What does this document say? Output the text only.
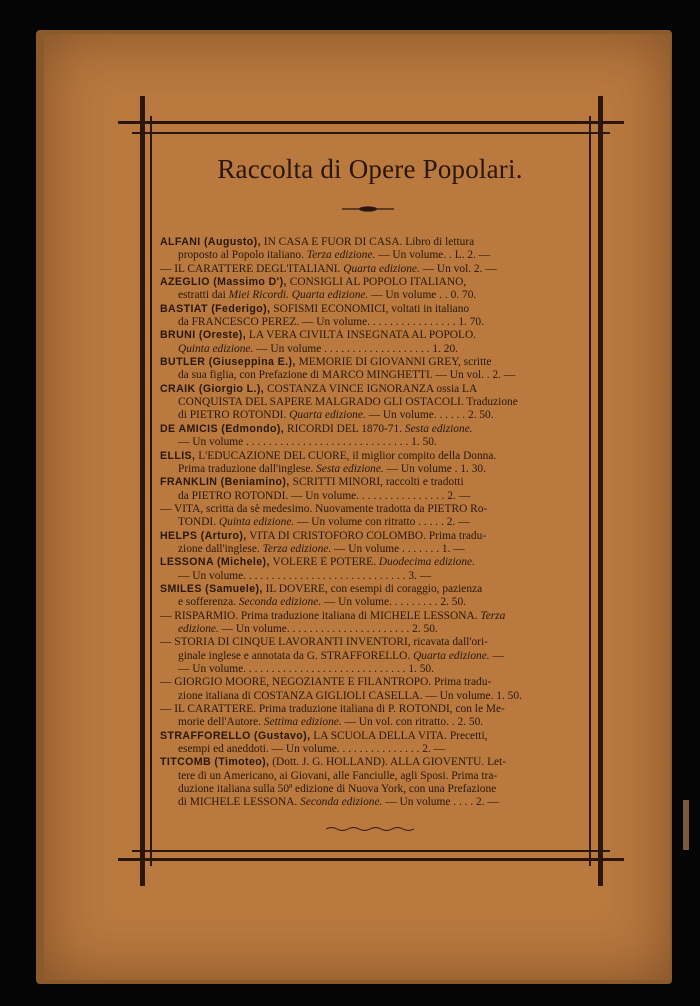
Raccolta di Opere Popolari.
ALFANI (Augusto), IN CASA E FUOR DI CASA. Libro di lettura
proposto al Popolo italiano. Terza edizione. — Un volume. . L. 2. —
— IL CARATTERE DEGL'ITALIANI. Quarta edizione. — Un vol. 2. —
AZEGLIO (Massimo D'), CONSIGLI AL POPOLO ITALIANO,
estratti dai Miei Ricordi. Quarta edizione. — Un volume . . 0. 70.
BASTIAT (Federigo), SOFISMI ECONOMICI, voltati in italiano
da FRANCESCO PEREZ. — Un volume. . . . . . . . . . . . . . . . 1. 70.
BRUNI (Oreste), LA VERA CIVILTÀ INSEGNATA AL POPOLO.
Quinta edizione. — Un volume . . . . . . . . . . . . . . . . . . . 1. 20.
BUTLER (Giuseppina E.), MEMORIE DI GIOVANNI GREY, scritte
da sua figlia, con Prefazione di MARCO MINGHETTI. — Un vol. . 2. —
CRAIK (Giorgio L.), COSTANZA VINCE IGNORANZA ossia LA
CONQUISTA DEL SAPERE MALGRADO GLI OSTACOLI. Traduzione
di PIETRO ROTONDI. Quarta edizione. — Un volume. . . . . . 2. 50.
DE AMICIS (Edmondo), RICORDI DEL 1870-71. Sesta edizione.
— Un volume . . . . . . . . . . . . . . . . . . . . . . . . . . . . . 1. 50.
ELLIS, L'EDUCAZIONE DEL CUORE, il miglior compito della Donna.
Prima traduzione dall'inglese. Sesta edizione. — Un volume . 1. 30.
FRANKLIN (Beniamino), SCRITTI MINORI, raccolti e tradotti
da PIETRO ROTONDI. — Un volume. . . . . . . . . . . . . . . . 2. —
— VITA, scritta da sè medesimo. Nuovamente tradotta da PIETRO Ro-
TONDI. Quinta edizione. — Un volume con ritratto . . . . . 2. —
HELPS (Arturo), VITA DI CRISTOFORO COLOMBO. Prima tradu-
zione dall'inglese. Terza edizione. — Un volume . . . . . . . 1. —
LESSONA (Michele), VOLERE È POTERE. Duodecima edizione.
— Un volume. . . . . . . . . . . . . . . . . . . . . . . . . . . . . 3. —
SMILES (Samuele), IL DOVERE, con esempi di coraggio, pazienza
e sofferenza. Seconda edizione. — Un volume. . . . . . . . . 2. 50.
— RISPARMIO. Prima traduzione italiana di MICHELE LESSONA. Terza
edizione. — Un volume. . . . . . . . . . . . . . . . . . . . . . 2. 50.
— STORIA DI CINQUE LAVORANTI INVENTORI, ricavata dall'ori-
ginale inglese e annotata da G. STRAFFORELLO. Quarta edizione. —
— Un volume. . . . . . . . . . . . . . . . . . . . . . . . . . . . . 1. 50.
— GIORGIO MOORE, NEGOZIANTE E FILANTROPO. Prima tradu-
zione italiana di COSTANZA GIGLIOLI CASELLA. — Un volume. 1. 50.
— IL CARATTERE. Prima traduzione italiana di P. ROTONDI, con le Me-
morie dell'Autore. Settima edizione. — Un vol. con ritratto. . 2. 50.
STRAFFORELLO (Gustavo), LA SCUOLA DELLA VITA. Precetti,
esempi ed aneddoti. — Un volume. . . . . . . . . . . . . . . 2. —
TITCOMB (Timoteo), (Dott. J. G. HOLLAND). ALLA GIOVENTÙ. Let-
tere di un Americano, ai Giovani, alle Fanciulle, agli Sposi. Prima tra-
duzione italiana sulla 50ª edizione di Nuova York, con una Prefazione
di MICHELE LESSONA. Seconda edizione. — Un volume . . . . 2. —
